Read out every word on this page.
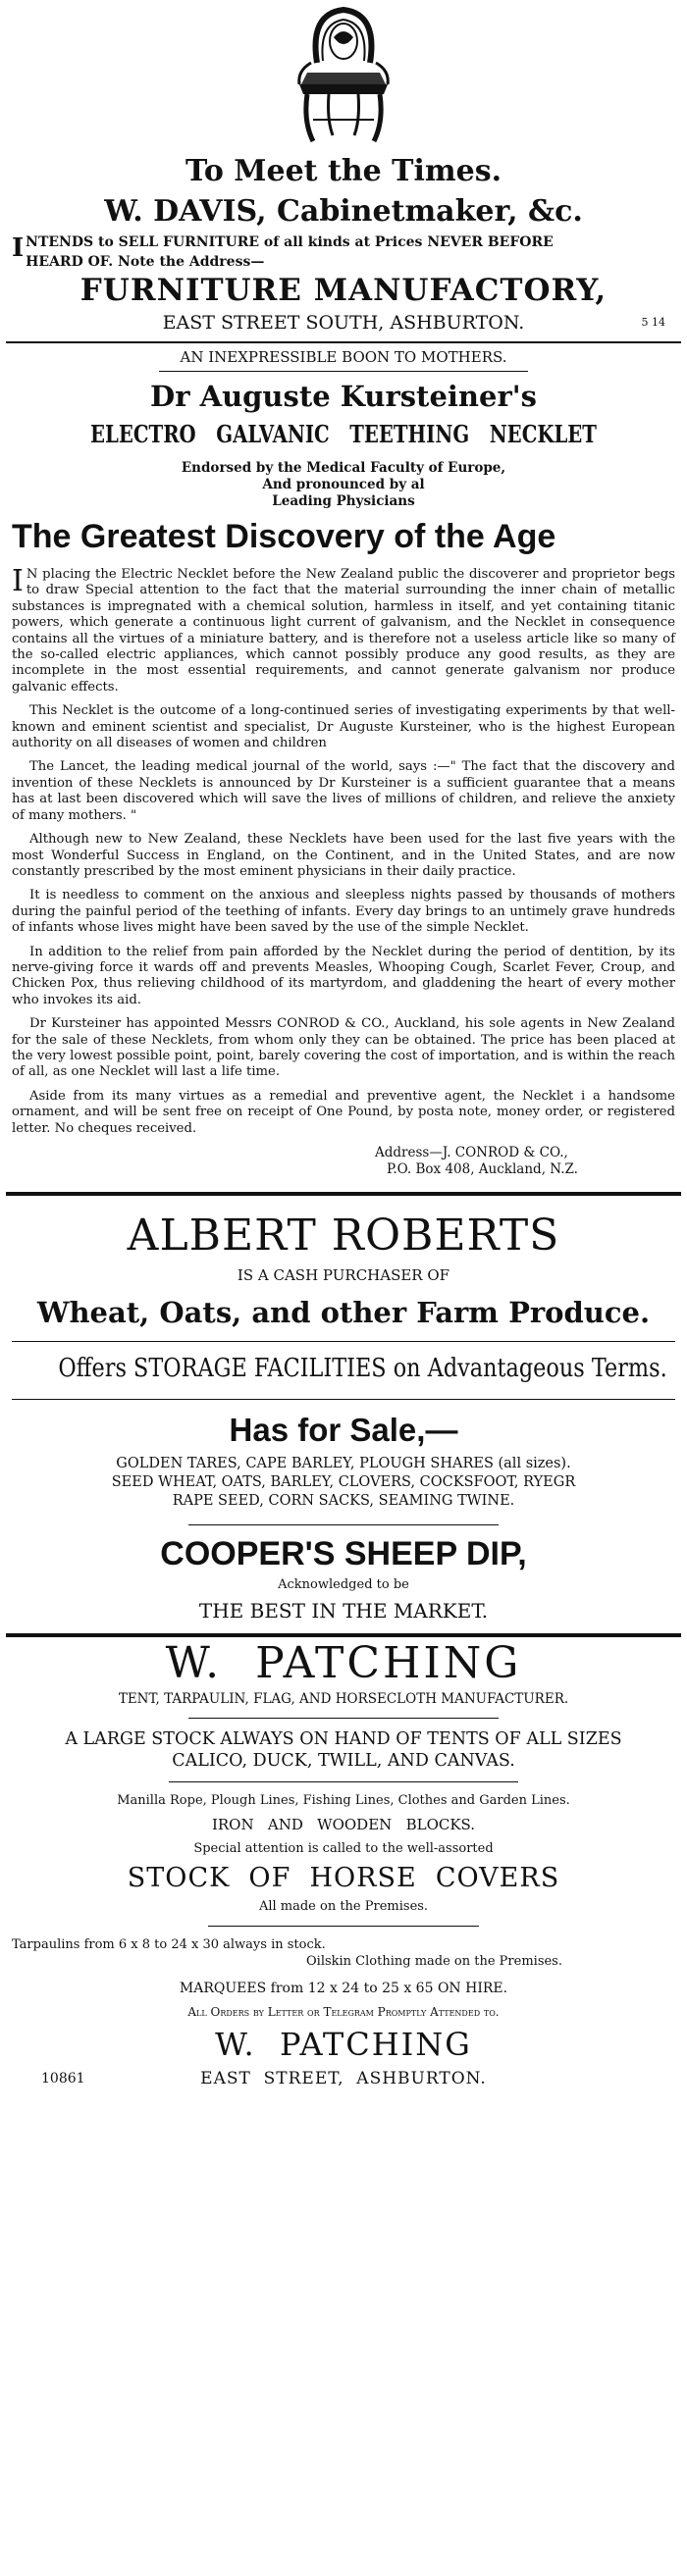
To Meet the Times.
W. DAVIS, Cabinetmaker, &c.
I NTENDS to SELL FURNITURE of all kinds at Prices NEVER BEFORE
HEARD OF. Note the Address—
FURNITURE MANUFACTORY,
EAST STREET SOUTH, ASHBURTON.	5 14
AN INEXPRESSIBLE BOON TO MOTHERS.
Dr Auguste Kursteiner's
ELECTRO   GALVANIC   TEETHING   NECKLET
Endorsed by the Medical Faculty of Europe,
And pronounced by al
Leading Physicians
The Greatest Discovery of the Age

I N placing the Electric Necklet before the New Zealand public the discoverer and proprietor begs to draw Special attention to the fact that the material surrounding the inner chain of metallic substances is impregnated with a chemical solution, harmless in itself, and yet containing titanic powers, which generate a continuous light current of galvanism, and the Necklet in consequence contains all the virtues of a miniature battery, and is therefore not a useless article like so many of the so-called electric appliances, which cannot possibly produce any good results, as they are incomplete in the most essential requirements, and cannot generate galvanism nor produce galvanic effects.

This Necklet is the outcome of a long-continued series of investigating experiments by that well-known and eminent scientist and specialist, Dr Auguste Kursteiner, who is the highest European authority on all diseases of women and children

The Lancet, the leading medical journal of the world, says :—" The fact that the discovery and invention of these Necklets is announced by Dr Kursteiner is a sufficient guarantee that a means has at last been discovered which will save the lives of millions of children, and relieve the anxiety of many mothers. "

Although new to New Zealand, these Necklets have been used for the last five years with the most Wonderful Success in England, on the Continent, and in the United States, and are now constantly prescribed by the most eminent physicians in their daily practice.

It is needless to comment on the anxious and sleepless nights passed by thousands of mothers during the painful period of the teething of infants. Every day brings to an untimely grave hundreds of infants whose lives might have been saved by the use of the simple Necklet.

In addition to the relief from pain afforded by the Necklet during the period of dentition, by its nerve-giving force it wards off and prevents Measles, Whooping Cough, Scarlet Fever, Croup, and Chicken Pox, thus relieving childhood of its martyrdom, and gladdening the heart of every mother who invokes its aid.

Dr Kursteiner has appointed Messrs CONROD & CO., Auckland, his sole agents in New Zealand for the sale of these Necklets, from whom only they can be obtained. The price has been placed at the very lowest possible point, point, barely covering the cost of importation, and is within the reach of all, as one Necklet will last a life time.

Aside from its many virtues as a remedial and preventive agent, the Necklet i a handsome ornament, and will be sent free on receipt of One Pound, by posta note, money order, or registered letter. No cheques received.

Address—J. CONROD & CO.,
P.O. Box 408, Auckland, N.Z.
ALBERT ROBERTS
IS A CASH PURCHASER OF
Wheat, Oats, and other Farm Produce.
Offers STORAGE FACILITIES on Advantageous Terms.
Has for Sale,—
GOLDEN TARES, CAPE BARLEY, PLOUGH SHARES (all sizes).
SEED WHEAT, OATS, BARLEY, CLOVERS, COCKSFOOT, RYEGR
RAPE SEED, CORN SACKS, SEAMING TWINE.
COOPER'S SHEEP DIP,
Acknowledged to be
THE BEST IN THE MARKET.
W.  PATCHING
TENT, TARPAULIN, FLAG, AND HORSECLOTH MANUFACTURER.
A LARGE STOCK ALWAYS ON HAND OF TENTS OF ALL SIZES
CALICO, DUCK, TWILL, AND CANVAS.
Manilla Rope, Plough Lines, Fishing Lines, Clothes and Garden Lines.
IRON   AND   WOODEN   BLOCKS.
Special attention is called to the well-assorted
STOCK  OF  HORSE  COVERS
All made on the Premises.
Tarpaulins from 6 x 8 to 24 x 30 always in stock.
Oilskin Clothing made on the Premises.
MARQUEES from 12 x 24 to 25 x 65 ON HIRE.
All Orders by Letter or Telegram Promptly Attended to.
W.  PATCHING
10861	EAST  STREET,  ASHBURTON.
